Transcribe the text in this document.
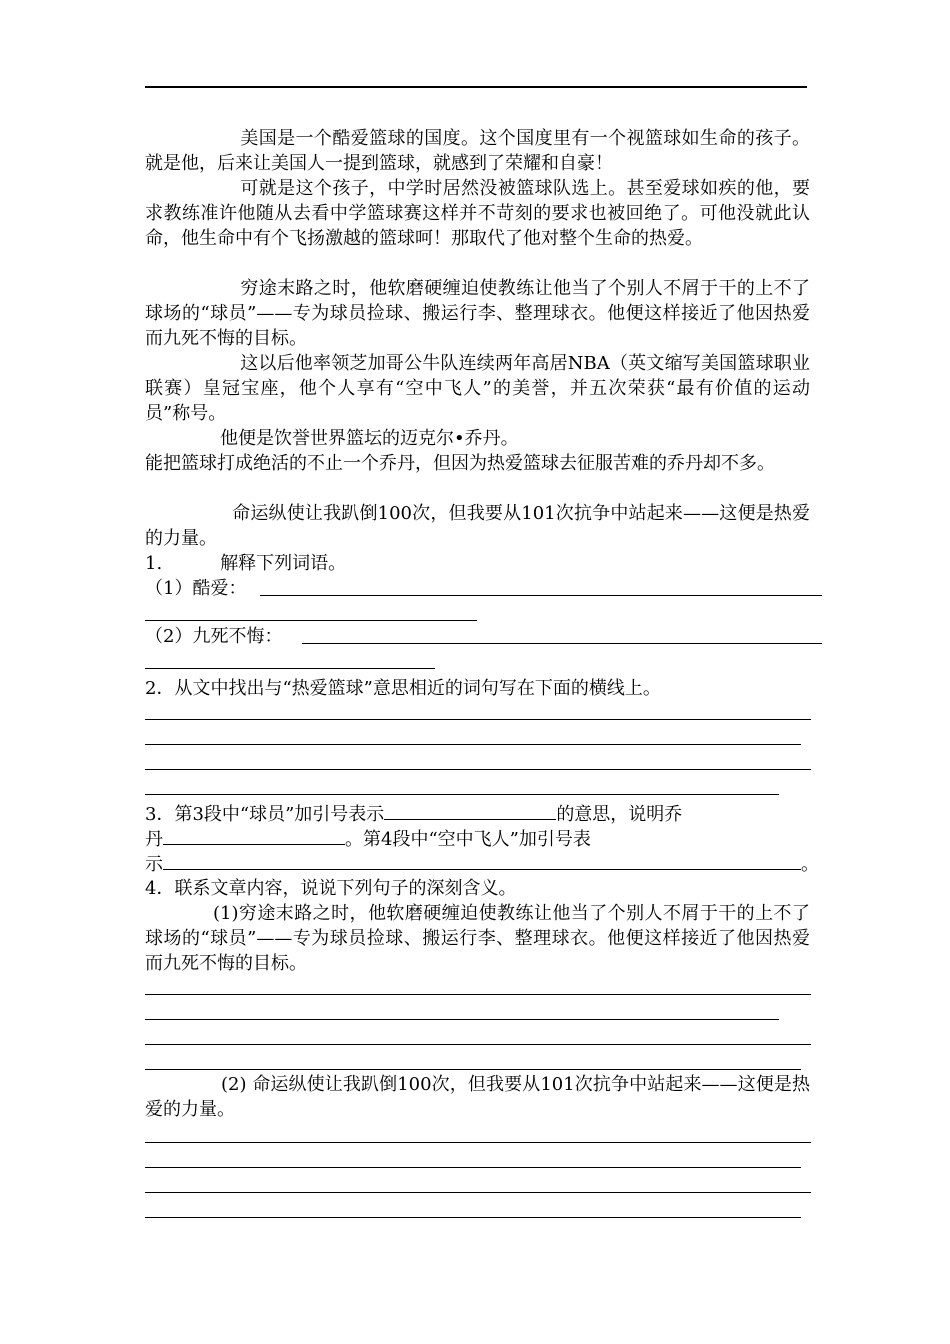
美国是一个酷爱篮球的国度。这个国度里有一个视篮球如生命的孩子。就是他，后来让美国人一提到篮球，就感到了荣耀和自豪！

可就是这个孩子，中学时居然没被篮球队选上。甚至爱球如疾的他，要求教练准许他随从去看中学篮球赛这样并不苛刻的要求也被回绝了。可他没就此认命，他生命中有个飞扬激越的篮球呵！那取代了他对整个生命的热爱。

穷途末路之时，他软磨硬缠迫使教练让他当了个别人不屑于干的上不了球场的“球员”——专为球员捡球、搬运行李、整理球衣。他便这样接近了他因热爱而九死不悔的目标。

这以后他率领芝加哥公牛队连续两年高居NBA（英文缩写美国篮球职业联赛）皇冠宝座，他个人享有“空中飞人”的美誉，并五次荣获“最有价值的运动员”称号。

他便是饮誉世界篮坛的迈克尔•乔丹。

能把篮球打成绝活的不止一个乔丹，但因为热爱篮球去征服苦难的乔丹却不多。

命运纵使让我趴倒100次，但我要从101次抗争中站起来——这便是热爱的力量。

1.	解释下列词语。
（1）酷爱：
（2）九死不悔：
2．从文中找出与“热爱篮球”意思相近的词句写在下面的横线上。
3．第3段中“球员”加引号表示	的意思，说明乔
丹	。第4段中“空中飞人”加引号表
示	。
4．联系文章内容，说说下列句子的深刻含义。

(1)穷途末路之时，他软磨硬缠迫使教练让他当了个别人不屑于干的上不了球场的“球员”——专为球员捡球、搬运行李、整理球衣。他便这样接近了他因热爱而九死不悔的目标。

(2) 命运纵使让我趴倒100次，但我要从101次抗争中站起来——这便是热爱的力量。
